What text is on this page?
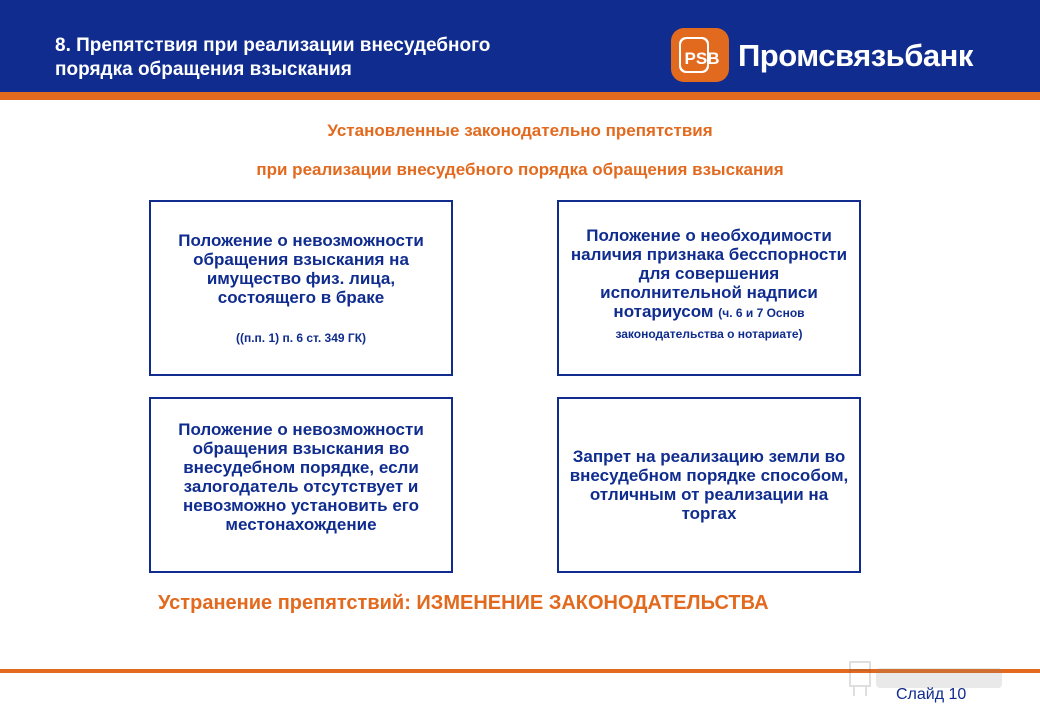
8. Препятствия при реализации внесудебного
порядка обращения взыскания
РSВ Промсвязьбанк
Установленные законодательно препятствия
при реализации внесудебного порядка обращения взыскания
Положение о невозможности обращения взыскания на имущество физ. лица, состоящего в браке
((п.п. 1) п. 6 ст. 349 ГК)
Положение о необходимости наличия признака бесспорности для совершения исполнительной надписи нотариусом (ч. 6 и 7 Основ законодательства о нотариате)
Положение о невозможности обращения взыскания во внесудебном порядке, если залогодатель отсутствует и невозможно установить его местонахождение
Запрет на реализацию земли во внесудебном порядке способом, отличным от реализации на торгах
Устранение препятствий: ИЗМЕНЕНИЕ ЗАКОНОДАТЕЛЬСТВА
Слайд 10
